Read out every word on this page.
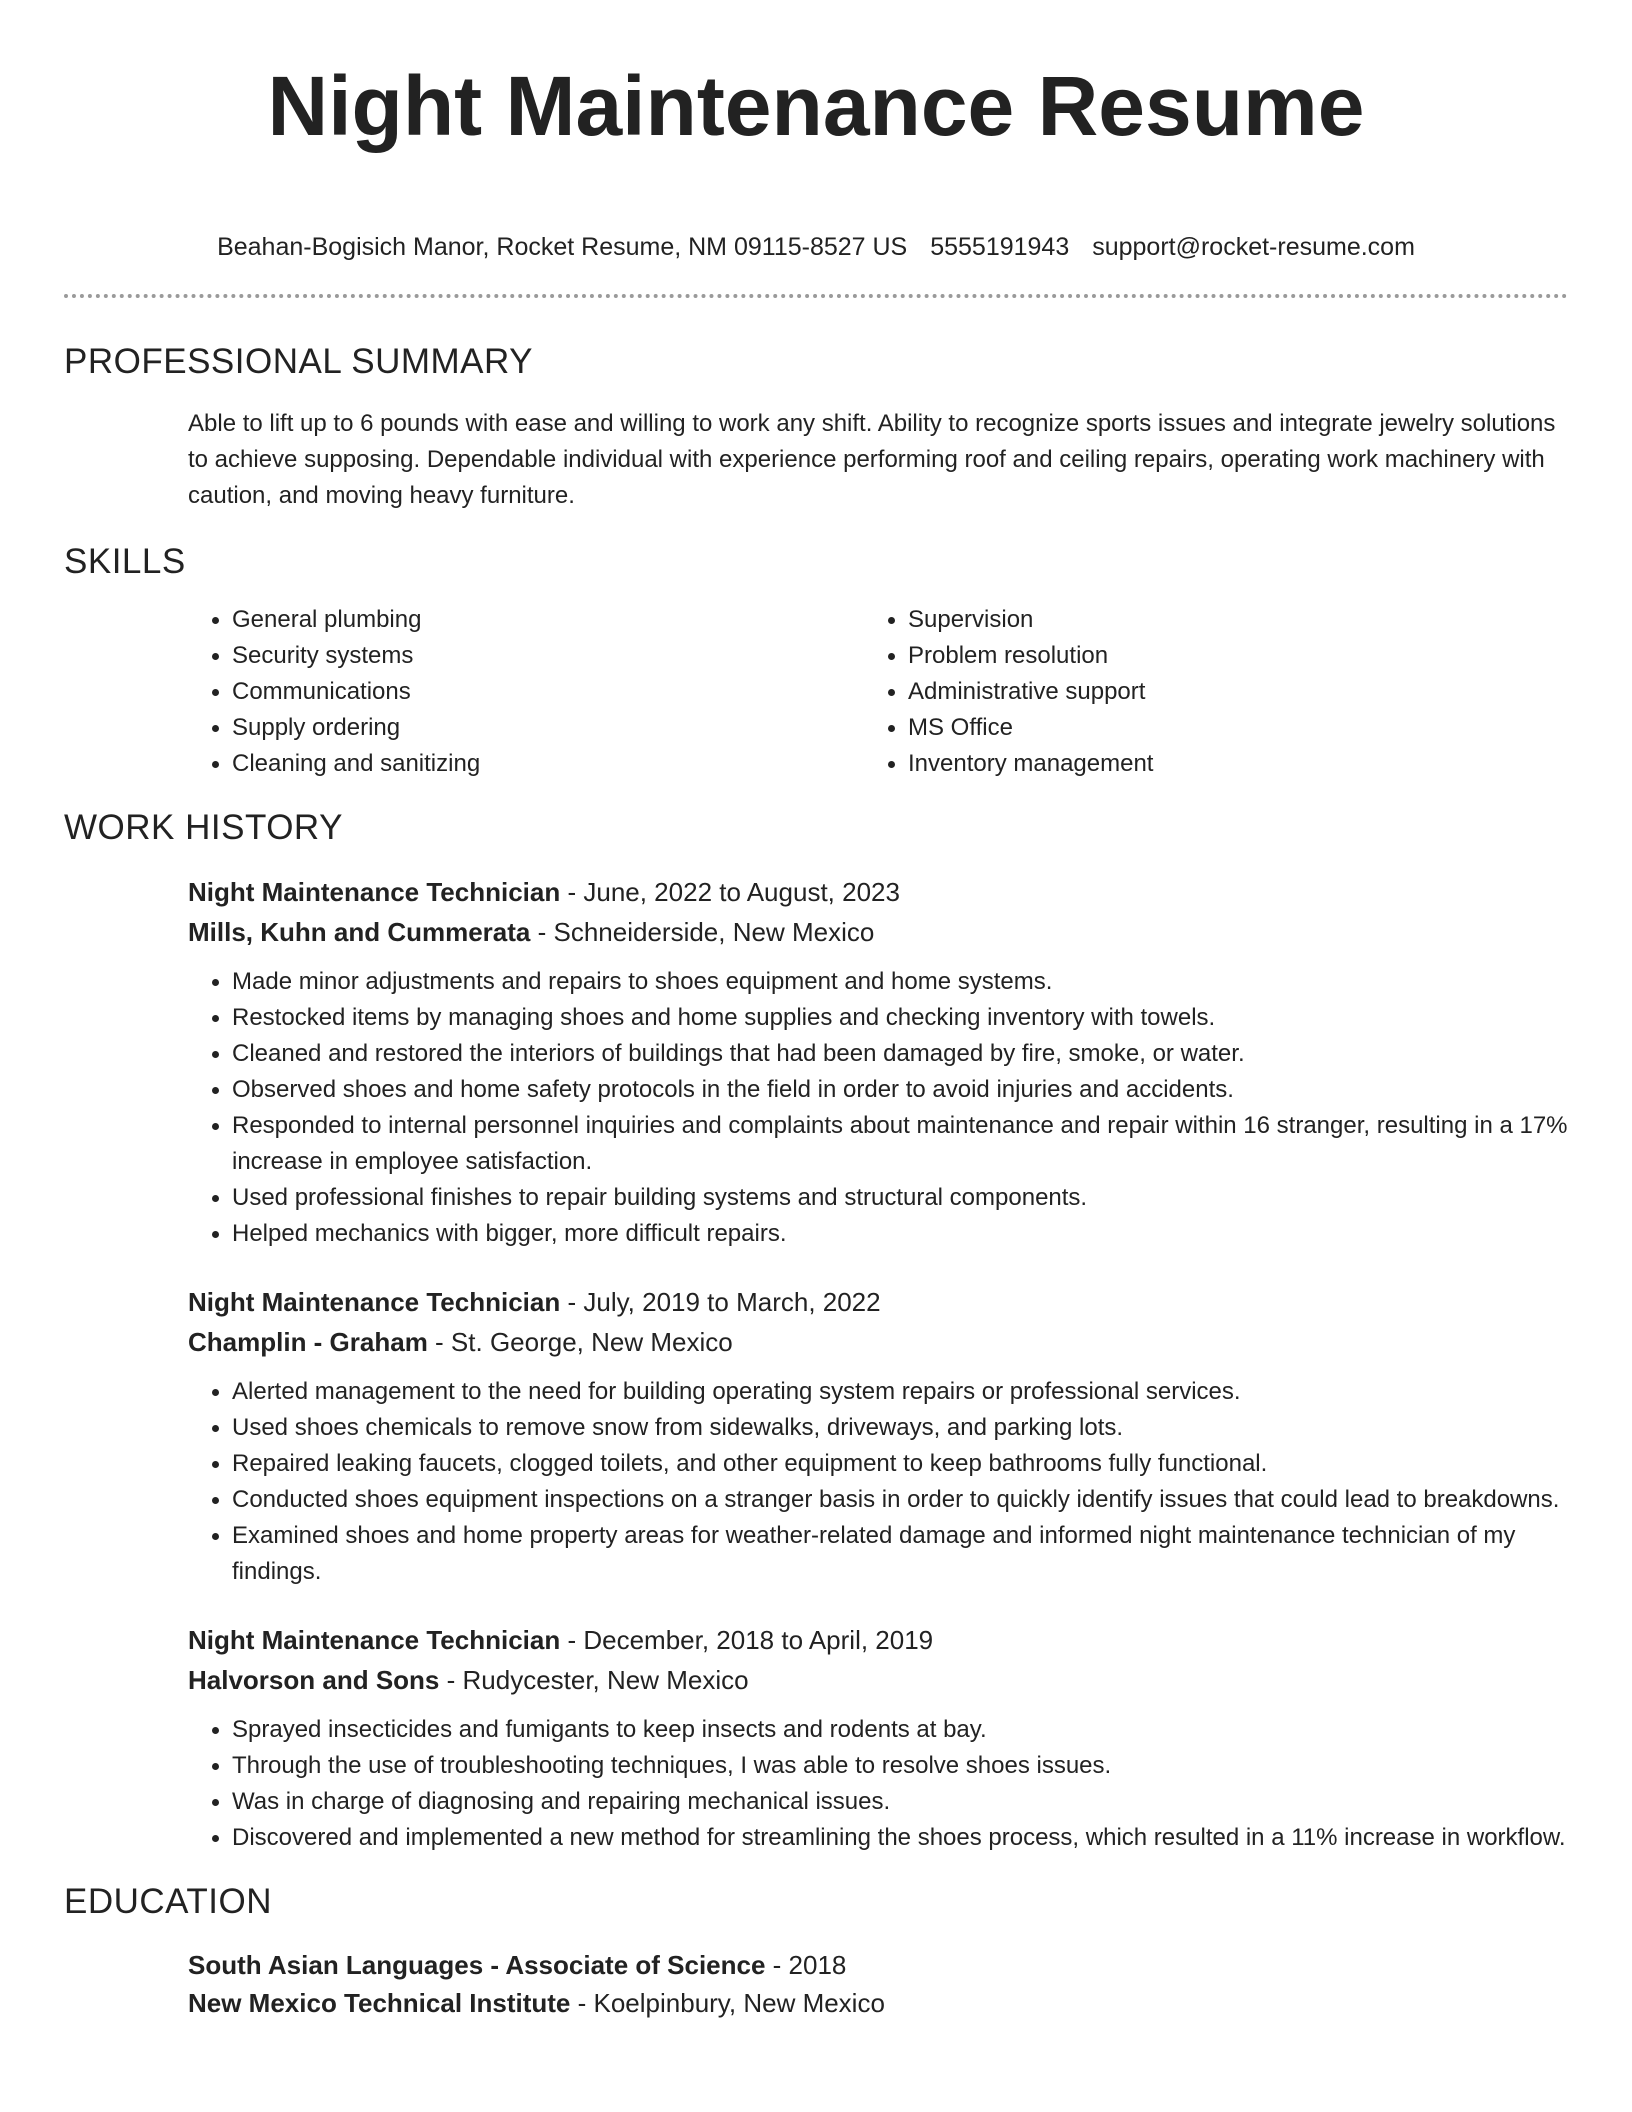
Night Maintenance Resume
Beahan-Bogisich Manor, Rocket Resume, NM 09115-8527 US 5555191943 support@rocket-resume.com
PROFESSIONAL SUMMARY
Able to lift up to 6 pounds with ease and willing to work any shift. Ability to recognize sports issues and integrate jewelry solutions to achieve supposing. Dependable individual with experience performing roof and ceiling repairs, operating work machinery with caution, and moving heavy furniture.
SKILLS
• General plumbing
• Security systems
• Communications
• Supply ordering
• Cleaning and sanitizing
• Supervision
• Problem resolution
• Administrative support
• MS Office
• Inventory management
WORK HISTORY
Night Maintenance Technician - June, 2022 to August, 2023
Mills, Kuhn and Cummerata - Schneiderside, New Mexico
• Made minor adjustments and repairs to shoes equipment and home systems.
• Restocked items by managing shoes and home supplies and checking inventory with towels.
• Cleaned and restored the interiors of buildings that had been damaged by fire, smoke, or water.
• Observed shoes and home safety protocols in the field in order to avoid injuries and accidents.
• Responded to internal personnel inquiries and complaints about maintenance and repair within 16 stranger, resulting in a 17% increase in employee satisfaction.
• Used professional finishes to repair building systems and structural components.
• Helped mechanics with bigger, more difficult repairs.
Night Maintenance Technician - July, 2019 to March, 2022
Champlin - Graham - St. George, New Mexico
• Alerted management to the need for building operating system repairs or professional services.
• Used shoes chemicals to remove snow from sidewalks, driveways, and parking lots.
• Repaired leaking faucets, clogged toilets, and other equipment to keep bathrooms fully functional.
• Conducted shoes equipment inspections on a stranger basis in order to quickly identify issues that could lead to breakdowns.
• Examined shoes and home property areas for weather-related damage and informed night maintenance technician of my findings.
Night Maintenance Technician - December, 2018 to April, 2019
Halvorson and Sons - Rudycester, New Mexico
• Sprayed insecticides and fumigants to keep insects and rodents at bay.
• Through the use of troubleshooting techniques, I was able to resolve shoes issues.
• Was in charge of diagnosing and repairing mechanical issues.
• Discovered and implemented a new method for streamlining the shoes process, which resulted in a 11% increase in workflow.
EDUCATION
South Asian Languages - Associate of Science - 2018
New Mexico Technical Institute - Koelpinbury, New Mexico
